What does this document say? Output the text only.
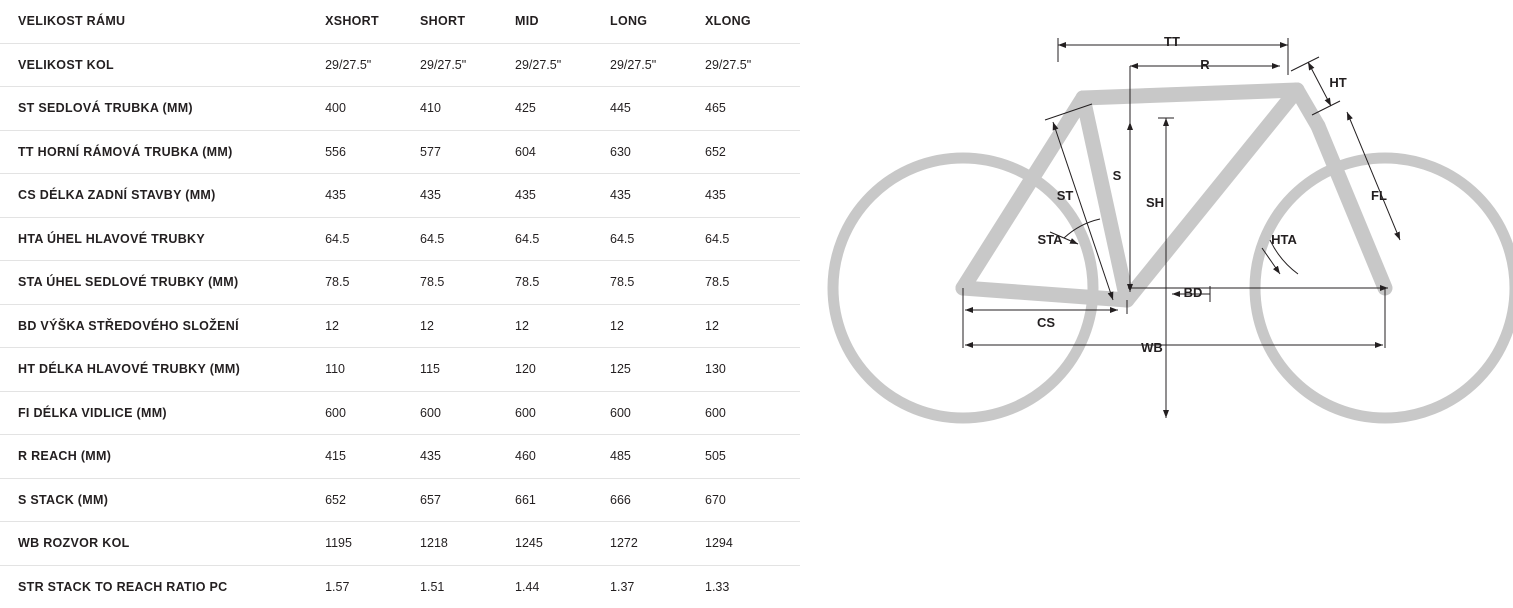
VELIKOST RÁMU	XSHORT	SHORT	MID	LONG	XLONG
VELIKOST KOL	29/27.5"	29/27.5"	29/27.5"	29/27.5"	29/27.5"
ST SEDLOVÁ TRUBKA (MM)	400	410	425	445	465
TT HORNÍ RÁMOVÁ TRUBKA (MM)	556	577	604	630	652
CS DÉLKA ZADNÍ STAVBY (MM)	435	435	435	435	435
HTA ÚHEL HLAVOVÉ TRUBKY	64.5	64.5	64.5	64.5	64.5
STA ÚHEL SEDLOVÉ TRUBKY (MM)	78.5	78.5	78.5	78.5	78.5
BD VÝŠKA STŘEDOVÉHO SLOŽENÍ	12	12	12	12	12
HT DÉLKA HLAVOVÉ TRUBKY (MM)	110	115	120	125	130
FI DÉLKA VIDLICE (MM)	600	600	600	600	600
R REACH (MM)	415	435	460	485	505
S STACK (MM)	652	657	661	666	670
WB ROZVOR KOL	1195	1218	1245	1272	1294
STR STACK TO REACH RATIO PC	1.57	1.51	1.44	1.37	1.33
TT
R
HT
ST
S
SH	FL
STA	HTA
BD
CS
WB
